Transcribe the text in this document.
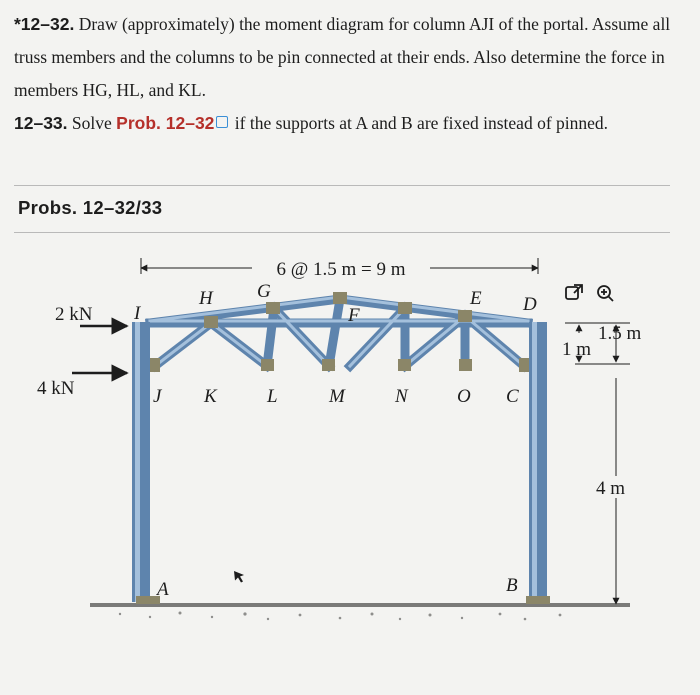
*12–32. Draw (approximately) the moment diagram for column AJI of the portal. Assume all truss members and the columns to be pin connected at their ends. Also determine the force in members HG, HL, and KL.

12–33. Solve Prob. 12–32 if the supports at A and B are fixed instead of pinned.

Probs. 12–32/33
6 @ 1.5 m = 9 m
2 kN
4 kN
I
H G
F
E D
J K	L	M	N	O C
A	B
1.5 m
1 m
4 m
